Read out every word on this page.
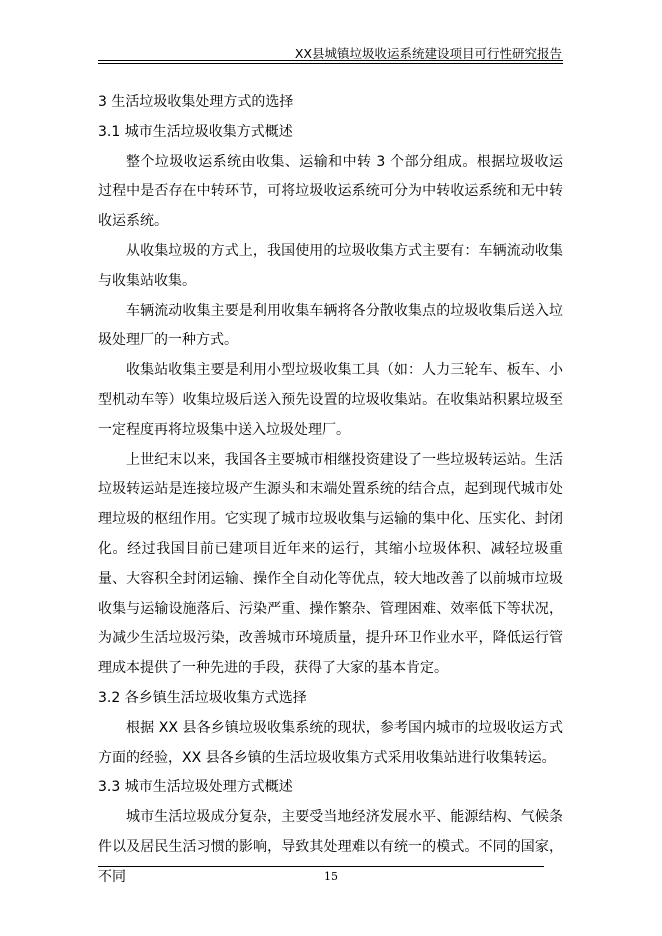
XX县城镇垃圾收运系统建设项目可行性研究报告
3 生活垃圾收集处理方式的选择
3.1 城市生活垃圾收集方式概述

整个垃圾收运系统由收集、运输和中转 3 个部分组成。根据垃圾收运过程中是否存在中转环节，可将垃圾收运系统可分为中转收运系统和无中转收运系统。

从收集垃圾的方式上，我国使用的垃圾收集方式主要有：车辆流动收集与收集站收集。

车辆流动收集主要是利用收集车辆将各分散收集点的垃圾收集后送入垃圾处理厂的一种方式。

收集站收集主要是利用小型垃圾收集工具（如：人力三轮车、板车、小型机动车等）收集垃圾后送入预先设置的垃圾收集站。在收集站积累垃圾至一定程度再将垃圾集中送入垃圾处理厂。

上世纪末以来，我国各主要城市相继投资建设了一些垃圾转运站。生活垃圾转运站是连接垃圾产生源头和末端处置系统的结合点，起到现代城市处理垃圾的枢纽作用。它实现了城市垃圾收集与运输的集中化、压实化、封闭化。经过我国目前已建项目近年来的运行，其缩小垃圾体积、减轻垃圾重量、大容积全封闭运输、操作全自动化等优点，较大地改善了以前城市垃圾收集与运输设施落后、污染严重、操作繁杂、管理困难、效率低下等状况，为减少生活垃圾污染，改善城市环境质量，提升环卫作业水平，降低运行管理成本提供了一种先进的手段，获得了大家的基本肯定。

3.2 各乡镇生活垃圾收集方式选择

根据 XX 县各乡镇垃圾收集系统的现状，参考国内城市的垃圾收运方式方面的经验，XX 县各乡镇的生活垃圾收集方式采用收集站进行收集转运。

3.3 城市生活垃圾处理方式概述

城市生活垃圾成分复杂，主要受当地经济发展水平、能源结构、气候条件以及居民生活习惯的影响，导致其处理难以有统一的模式。不同的国家，不同	15
